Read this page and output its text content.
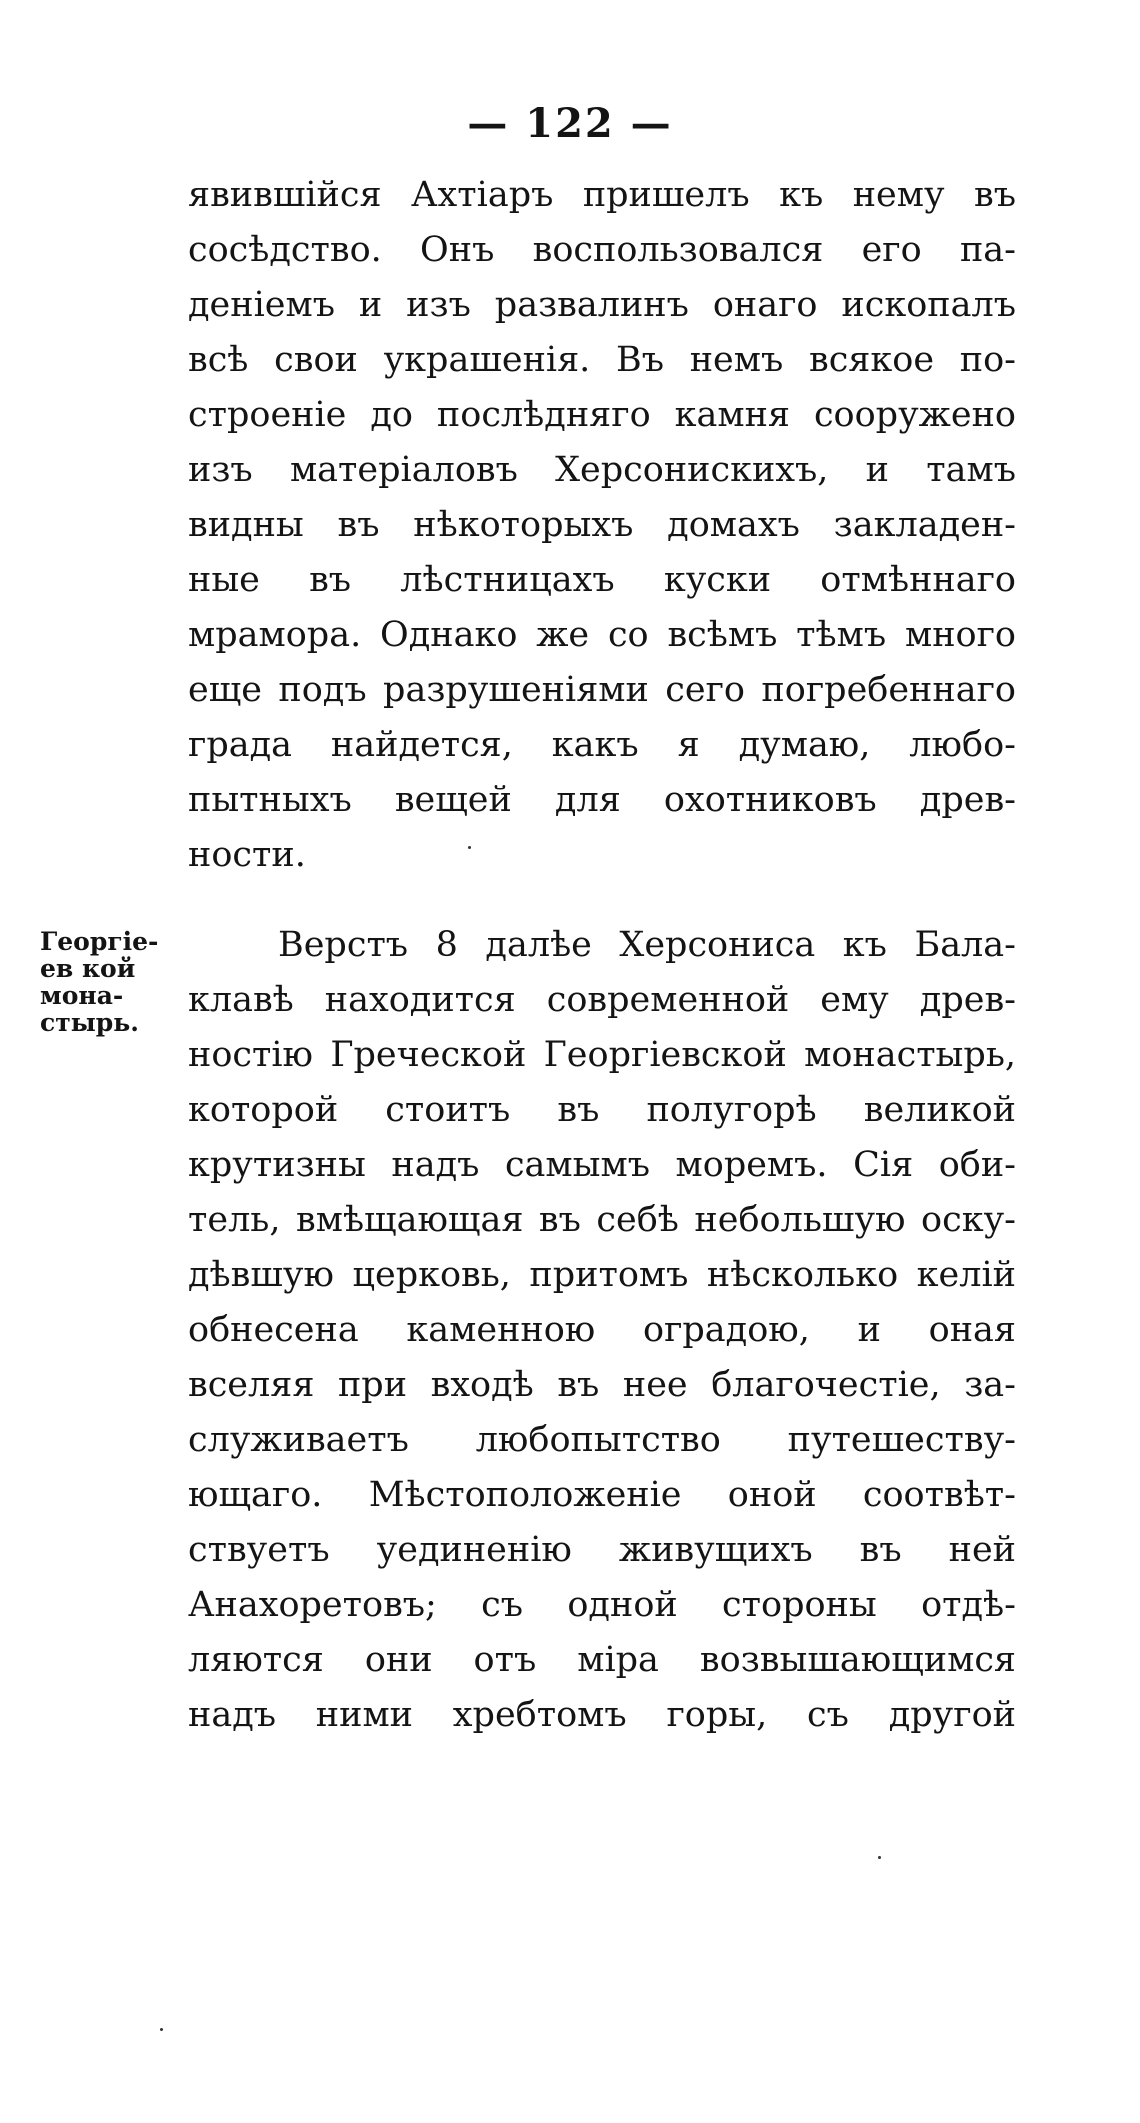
— 122 —
явившійся Ахтіаръ пришелъ къ нему въ
сосѣдство. Онъ воспользовался его па-
деніемъ и изъ развалинъ онаго ископалъ
всѣ свои украшенія. Въ немъ всякое по-
строеніе до послѣдняго камня сооружено
изъ матеріаловъ Херсонискихъ, и тамъ
видны въ нѣкоторыхъ домахъ закладен-
ные въ лѣстницахъ куски отмѣннаго
мрамора. Однако же со всѣмъ тѣмъ много
еще подъ разрушеніями сего погребеннаго
града найдется, какъ я думаю, любо-
пытныхъ вещей для охотниковъ древ-
ности.
Георгіе-
ев кой
мона-
стырь.
Верстъ 8 далѣе Херсониса къ Бала-
клавѣ находится современной ему древ-
ностію Греческой Георгіевской монастырь,
которой стоитъ въ полугорѣ великой
крутизны надъ самымъ моремъ. Сія оби-
тель, вмѣщающая въ себѣ небольшую оску-
дѣвшую церковь, притомъ нѣсколько келій
обнесена каменною оградою, и оная
вселяя при входѣ въ нее благочестіе, за-
служиваетъ любопытство путешеству-
ющаго. Мѣстоположеніе оной соотвѣт-
ствуетъ уединенію живущихъ въ ней
Анахоретовъ; съ одной стороны отдѣ-
ляются они отъ міра возвышающимся
надъ ними хребтомъ горы, съ другой
